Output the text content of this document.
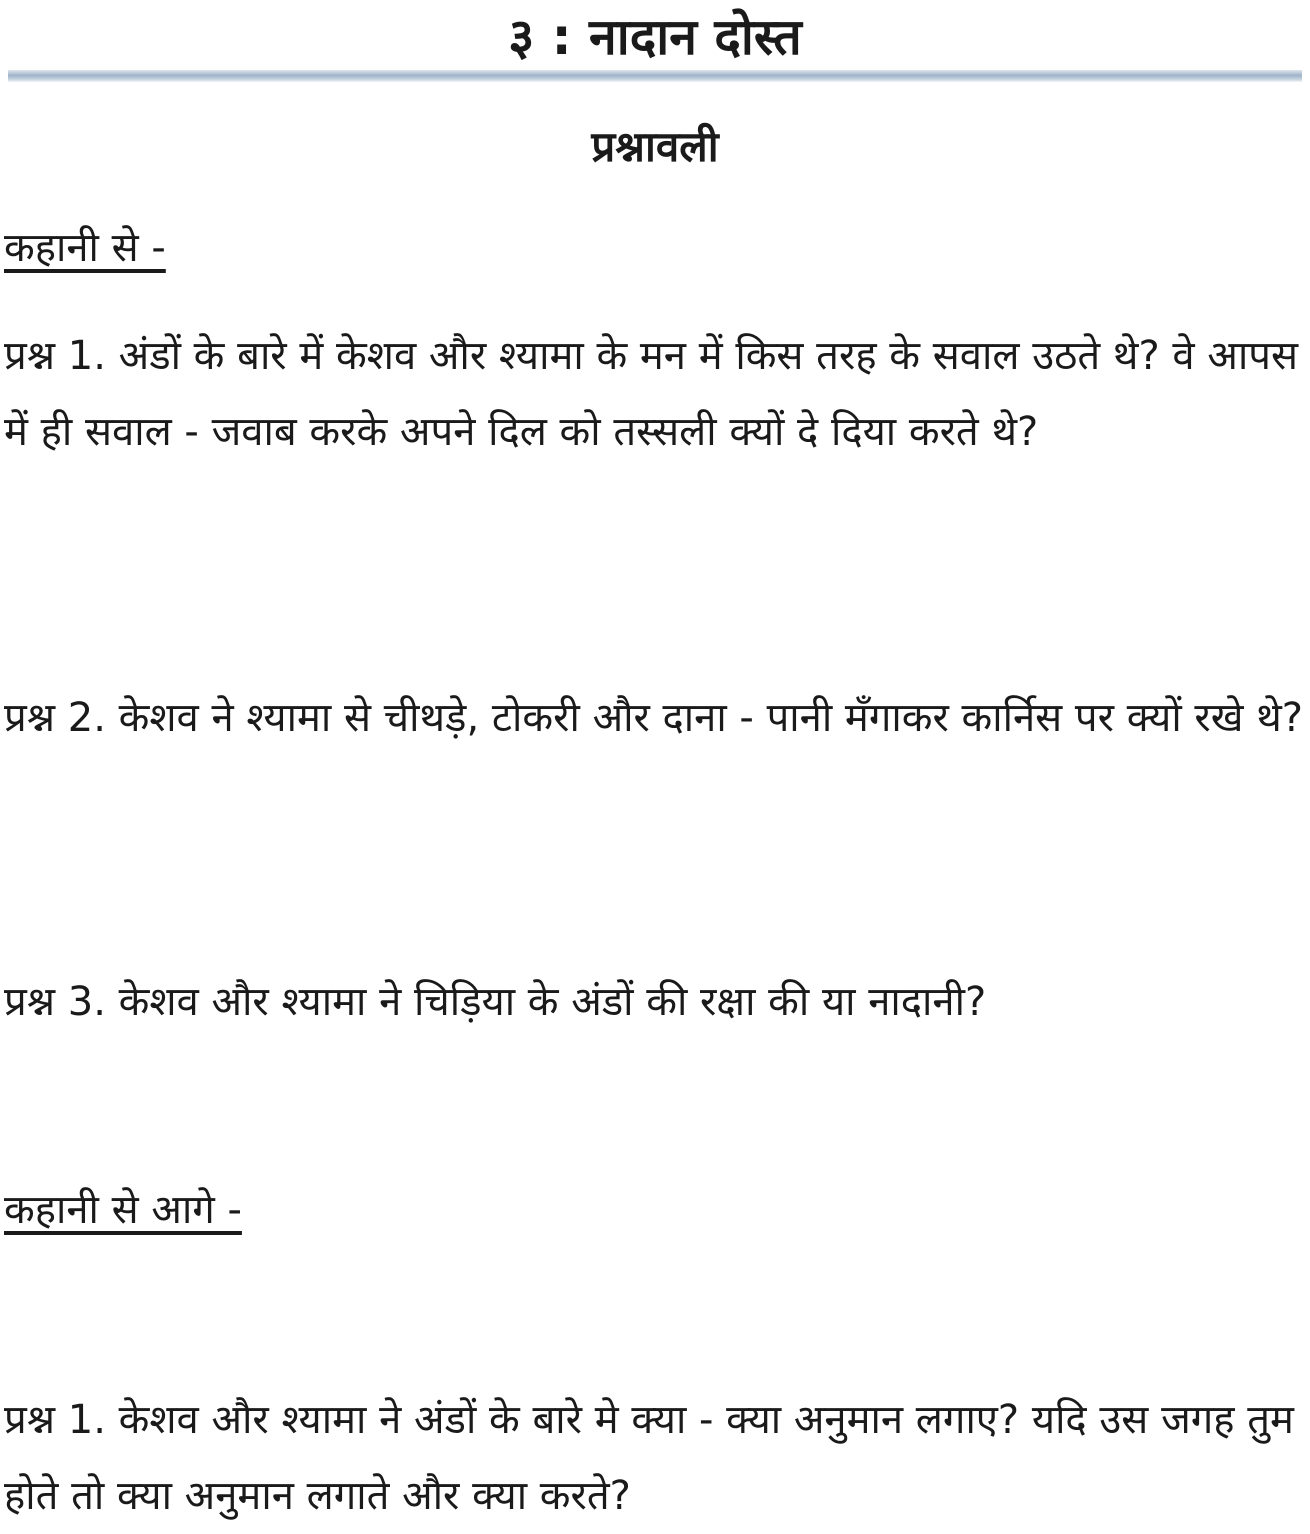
३ : नादान दोस्त
प्रश्नावली
कहानी से -
प्रश्न 1. अंडों के बारे में केशव और श्यामा के मन में किस तरह के सवाल उठते थे? वे आपस में ही सवाल - जवाब करके अपने दिल को तस्सली क्यों दे दिया करते थे?
प्रश्न 2. केशव ने श्यामा से चीथड़े, टोकरी और दाना - पानी मँगाकर कार्निस पर क्यों रखे थे?
प्रश्न 3. केशव और श्यामा ने चिड़िया के अंडों की रक्षा की या नादानी?
कहानी से आगे -
प्रश्न 1. केशव और श्यामा ने अंडों के बारे मे क्या - क्या अनुमान लगाए? यदि उस जगह तुम होते तो क्या अनुमान लगाते और क्या करते?
